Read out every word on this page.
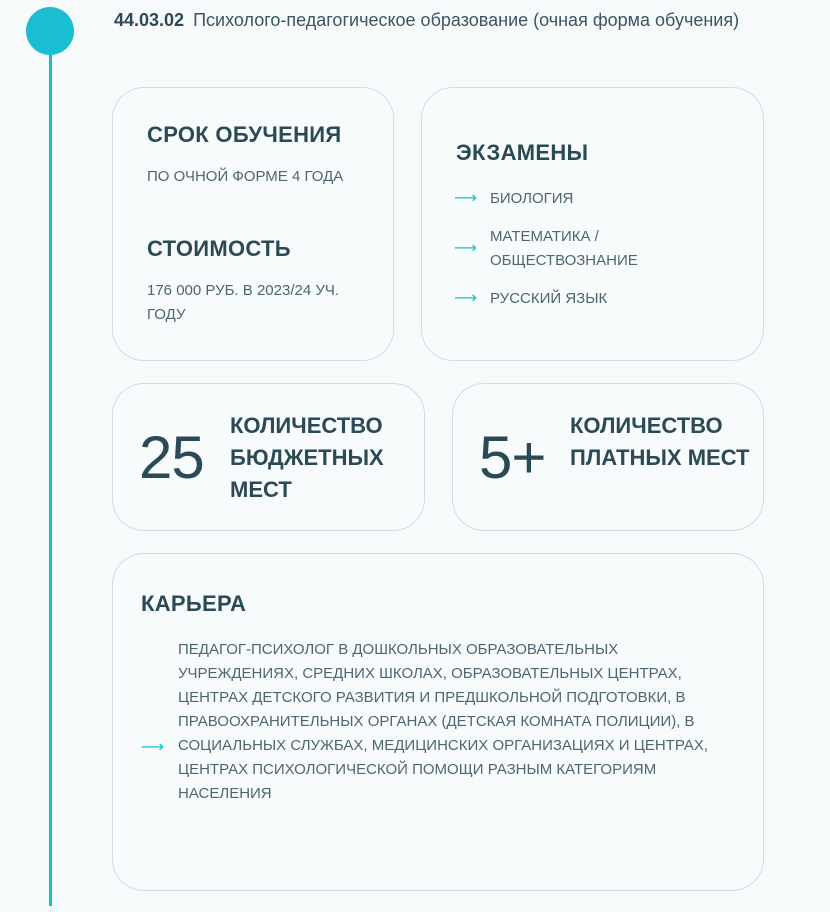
44.03.02 Психолого-педагогическое образование (очная форма обучения)
СРОК ОБУЧЕНИЯ
ПО ОЧНОЙ ФОРМЕ 4 ГОДА
СТОИМОСТЬ
176 000 РУБ. В 2023/24 УЧ. ГОДУ
ЭКЗАМЕНЫ
⟶ БИОЛОГИЯ
⟶
МАТЕМАТИКА / ОБЩЕСТВОЗНАНИЕ
⟶ РУССКИЙ ЯЗЫК
25 КОЛИЧЕСТВО БЮДЖЕТНЫХ МЕСТ	5+ КОЛИЧЕСТВО ПЛАТНЫХ МЕСТ
КАРЬЕРА
⟶
ПЕДАГОГ-ПСИХОЛОГ В ДОШКОЛЬНЫХ ОБРАЗОВАТЕЛЬНЫХ УЧРЕЖДЕНИЯХ, СРЕДНИХ ШКОЛАХ, ОБРАЗОВАТЕЛЬНЫХ ЦЕНТРАХ, ЦЕНТРАХ ДЕТСКОГО РАЗВИТИЯ И ПРЕДШКОЛЬНОЙ ПОДГОТОВКИ, В ПРАВООХРАНИТЕЛЬНЫХ ОРГАНАХ (ДЕТСКАЯ КОМНАТА ПОЛИЦИИ), В СОЦИАЛЬНЫХ СЛУЖБАХ, МЕДИЦИНСКИХ ОРГАНИЗАЦИЯХ И ЦЕНТРАХ, ЦЕНТРАХ ПСИХОЛОГИЧЕСКОЙ ПОМОЩИ РАЗНЫМ КАТЕГОРИЯМ НАСЕЛЕНИЯ
